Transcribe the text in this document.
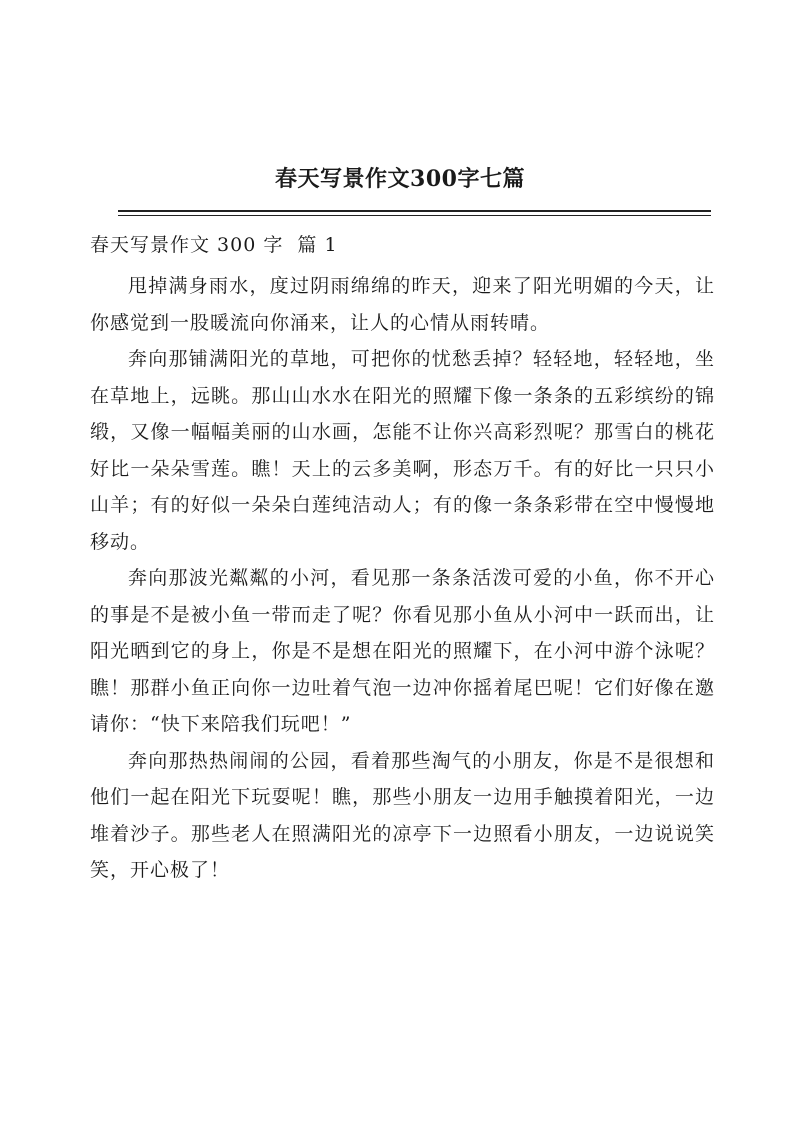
春天写景作文300字七篇
春天写景作文 300 字  篇 1

甩掉满身雨水，度过阴雨绵绵的昨天，迎来了阳光明媚的今天，让你感觉到一股暖流向你涌来，让人的心情从雨转晴。

奔向那铺满阳光的草地，可把你的忧愁丢掉？轻轻地，轻轻地，坐在草地上，远眺。那山山水水在阳光的照耀下像一条条的五彩缤纷的锦缎，又像一幅幅美丽的山水画，怎能不让你兴高彩烈呢？那雪白的桃花好比一朵朵雪莲。瞧！天上的云多美啊，形态万千。有的好比一只只小山羊；有的好似一朵朵白莲纯洁动人；有的像一条条彩带在空中慢慢地移动。

奔向那波光粼粼的小河，看见那一条条活泼可爱的小鱼，你不开心的事是不是被小鱼一带而走了呢？你看见那小鱼从小河中一跃而出，让阳光晒到它的身上，你是不是想在阳光的照耀下，在小河中游个泳呢？瞧！那群小鱼正向你一边吐着气泡一边冲你摇着尾巴呢！它们好像在邀请你：“快下来陪我们玩吧！”

奔向那热热闹闹的公园，看着那些淘气的小朋友，你是不是很想和他们一起在阳光下玩耍呢！瞧，那些小朋友一边用手触摸着阳光，一边堆着沙子。那些老人在照满阳光的凉亭下一边照看小朋友，一边说说笑笑，开心极了！
